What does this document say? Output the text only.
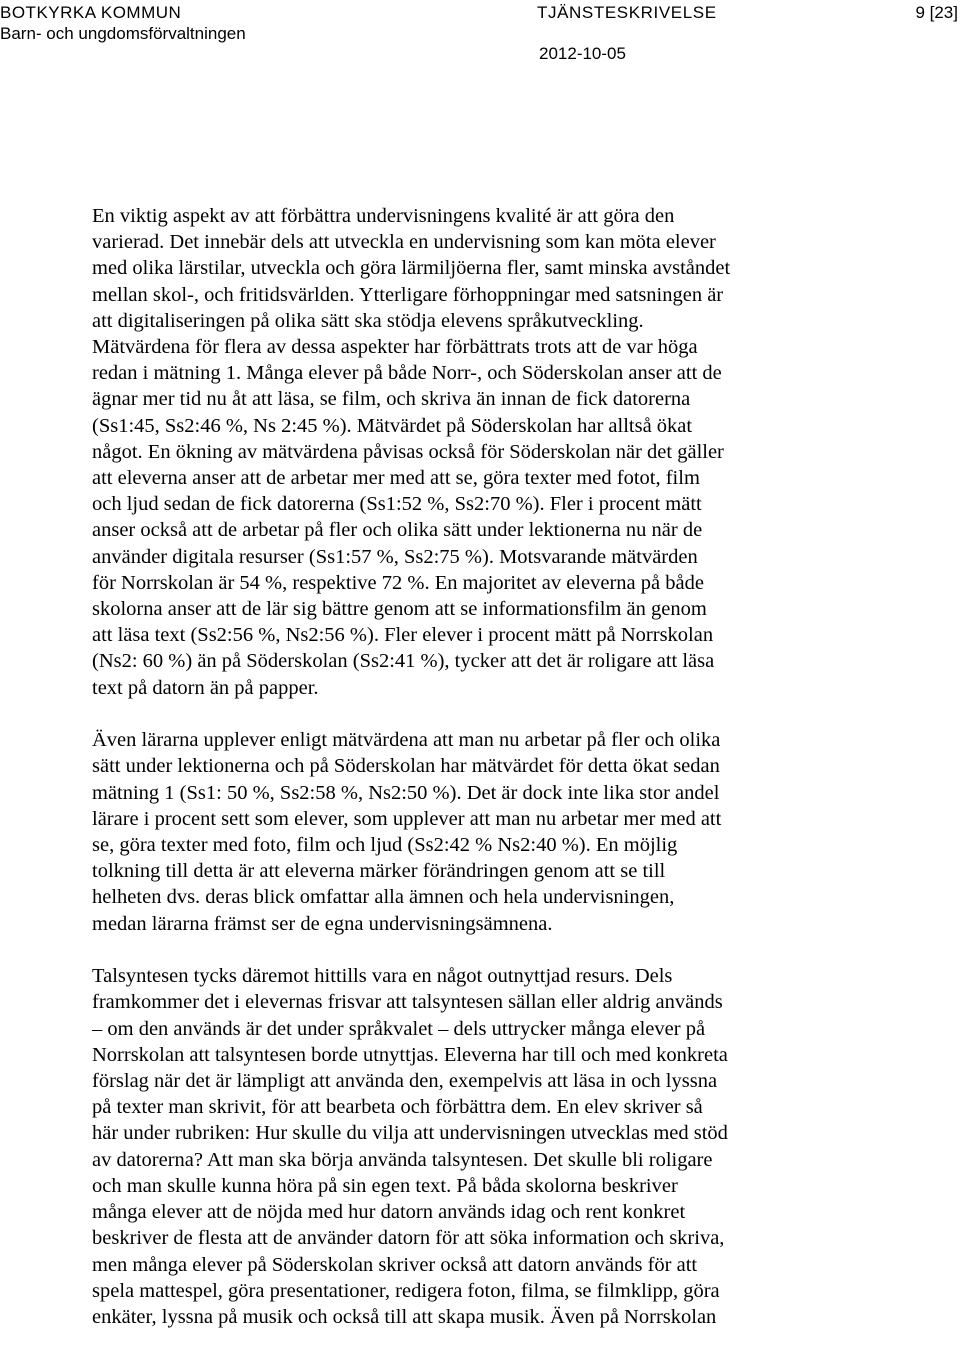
BOTKYRKA KOMMUN
Barn- och ungdomsförvaltningen
TJÄNSTESKRIVELSE
2012-10-05
9 [23]

En viktig aspekt av att förbättra undervisningens kvalité är att göra den
varierad. Det innebär dels att utveckla en undervisning som kan möta elever
med olika lärstilar, utveckla och göra lärmiljöerna fler, samt minska avståndet
mellan skol-, och fritidsvärlden. Ytterligare förhoppningar med satsningen är
att digitaliseringen på olika sätt ska stödja elevens språkutveckling.
Mätvärdena för flera av dessa aspekter har förbättrats trots att de var höga
redan i mätning 1. Många elever på både Norr-, och Söderskolan anser att de
ägnar mer tid nu åt att läsa, se film, och skriva än innan de fick datorerna
(Ss1:45, Ss2:46 %, Ns 2:45 %). Mätvärdet på Söderskolan har alltså ökat
något. En ökning av mätvärdena påvisas också för Söderskolan när det gäller
att eleverna anser att de arbetar mer med att se, göra texter med fotot, film
och ljud sedan de fick datorerna (Ss1:52 %, Ss2:70 %). Fler i procent mätt
anser också att de arbetar på fler och olika sätt under lektionerna nu när de
använder digitala resurser (Ss1:57 %, Ss2:75 %). Motsvarande mätvärden
för Norrskolan är 54 %, respektive 72 %. En majoritet av eleverna på både
skolorna anser att de lär sig bättre genom att se informationsfilm än genom
att läsa text (Ss2:56 %, Ns2:56 %). Fler elever i procent mätt på Norrskolan
(Ns2: 60 %) än på Söderskolan (Ss2:41 %), tycker att det är roligare att läsa
text på datorn än på papper.

Även lärarna upplever enligt mätvärdena att man nu arbetar på fler och olika
sätt under lektionerna och på Söderskolan har mätvärdet för detta ökat sedan
mätning 1 (Ss1: 50 %, Ss2:58 %, Ns2:50 %). Det är dock inte lika stor andel
lärare i procent sett som elever, som upplever att man nu arbetar mer med att
se, göra texter med foto, film och ljud (Ss2:42 % Ns2:40 %). En möjlig
tolkning till detta är att eleverna märker förändringen genom att se till
helheten dvs. deras blick omfattar alla ämnen och hela undervisningen,
medan lärarna främst ser de egna undervisningsämnena.

Talsyntesen tycks däremot hittills vara en något outnyttjad resurs. Dels
framkommer det i elevernas frisvar att talsyntesen sällan eller aldrig används
– om den används är det under språkvalet – dels uttrycker många elever på
Norrskolan att talsyntesen borde utnyttjas. Eleverna har till och med konkreta
förslag när det är lämpligt att använda den, exempelvis att läsa in och lyssna
på texter man skrivit, för att bearbeta och förbättra dem. En elev skriver så
här under rubriken: Hur skulle du vilja att undervisningen utvecklas med stöd
av datorerna? Att man ska börja använda talsyntesen. Det skulle bli roligare
och man skulle kunna höra på sin egen text. På båda skolorna beskriver
många elever att de nöjda med hur datorn används idag och rent konkret
beskriver de flesta att de använder datorn för att söka information och skriva,
men många elever på Söderskolan skriver också att datorn används för att
spela mattespel, göra presentationer, redigera foton, filma, se filmklipp, göra
enkäter, lyssna på musik och också till att skapa musik. Även på Norrskolan
